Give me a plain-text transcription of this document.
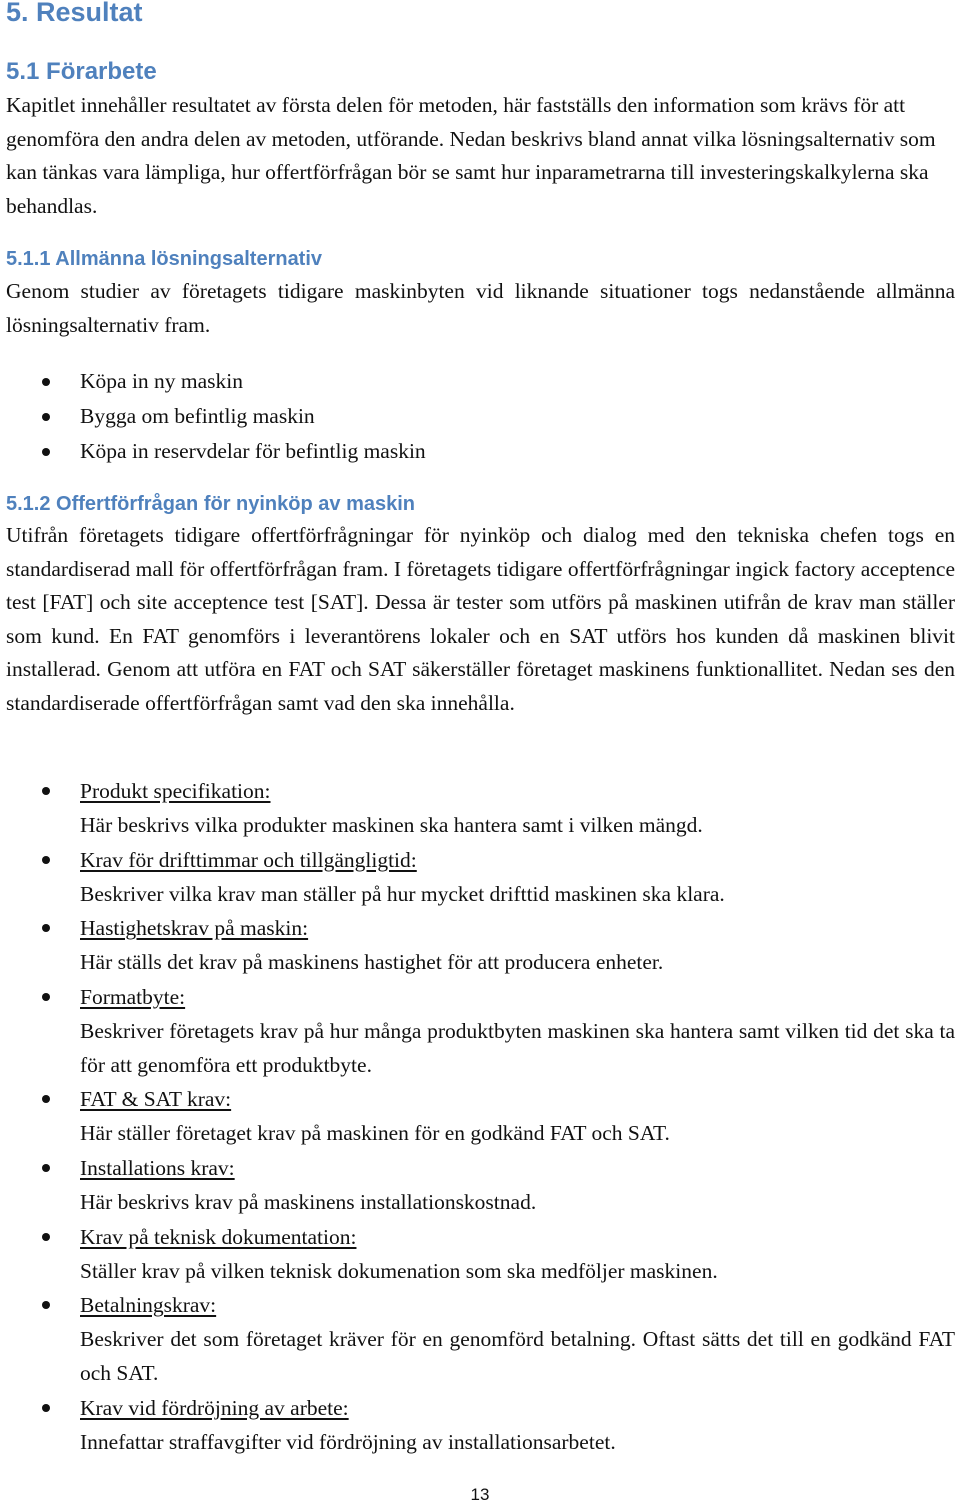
5. Resultat
5.1 Förarbete

Kapitlet innehåller resultatet av första delen för metoden, här fastställs den information som krävs för att genomföra den andra delen av metoden, utförande. Nedan beskrivs bland annat vilka lösningsalternativ som kan tänkas vara lämpliga, hur offertförfrågan bör se samt hur inparametrarna till investeringskalkylerna ska behandlas.

5.1.1 Allmänna lösningsalternativ

Genom studier av företagets tidigare maskinbyten vid liknande situationer togs nedanstående allmänna lösningsalternativ fram.

Köpa in ny maskin
Bygga om befintlig maskin
Köpa in reservdelar för befintlig maskin
5.1.2 Offertförfrågan för nyinköp av maskin

Utifrån företagets tidigare offertförfrågningar för nyinköp och dialog med den tekniska chefen togs en standardiserad mall för offertförfrågan fram. I företagets tidigare offertförfrågningar ingick factory acceptence test [FAT] och site acceptence test [SAT]. Dessa är tester som utförs på maskinen utifrån de krav man ställer som kund. En FAT genomförs i leverantörens lokaler och en SAT utförs hos kunden då maskinen blivit installerad. Genom att utföra en FAT och SAT säkerställer företaget maskinens funktionallitet. Nedan ses den standardiserade offertförfrågan samt vad den ska innehålla.

Produkt specifikation:
Här beskrivs vilka produkter maskinen ska hantera samt i vilken mängd.
Krav för drifttimmar och tillgängligtid:
Beskriver vilka krav man ställer på hur mycket drifttid maskinen ska klara.
Hastighetskrav på maskin:
Här ställs det krav på maskinens hastighet för att producera enheter.
Formatbyte:
Beskriver företagets krav på hur många produktbyten maskinen ska hantera samt vilken tid det ska ta för att genomföra ett produktbyte.
FAT & SAT krav:
Här ställer företaget krav på maskinen för en godkänd FAT och SAT.
Installations krav:
Här beskrivs krav på maskinens installationskostnad.
Krav på teknisk dokumentation:
Ställer krav på vilken teknisk dokumenation som ska medföljer maskinen.
Betalningskrav:
Beskriver det som företaget kräver för en genomförd betalning. Oftast sätts det till en godkänd FAT och SAT.
Krav vid fördröjning av arbete:
Innefattar straffavgifter vid fördröjning av installationsarbetet.
13
